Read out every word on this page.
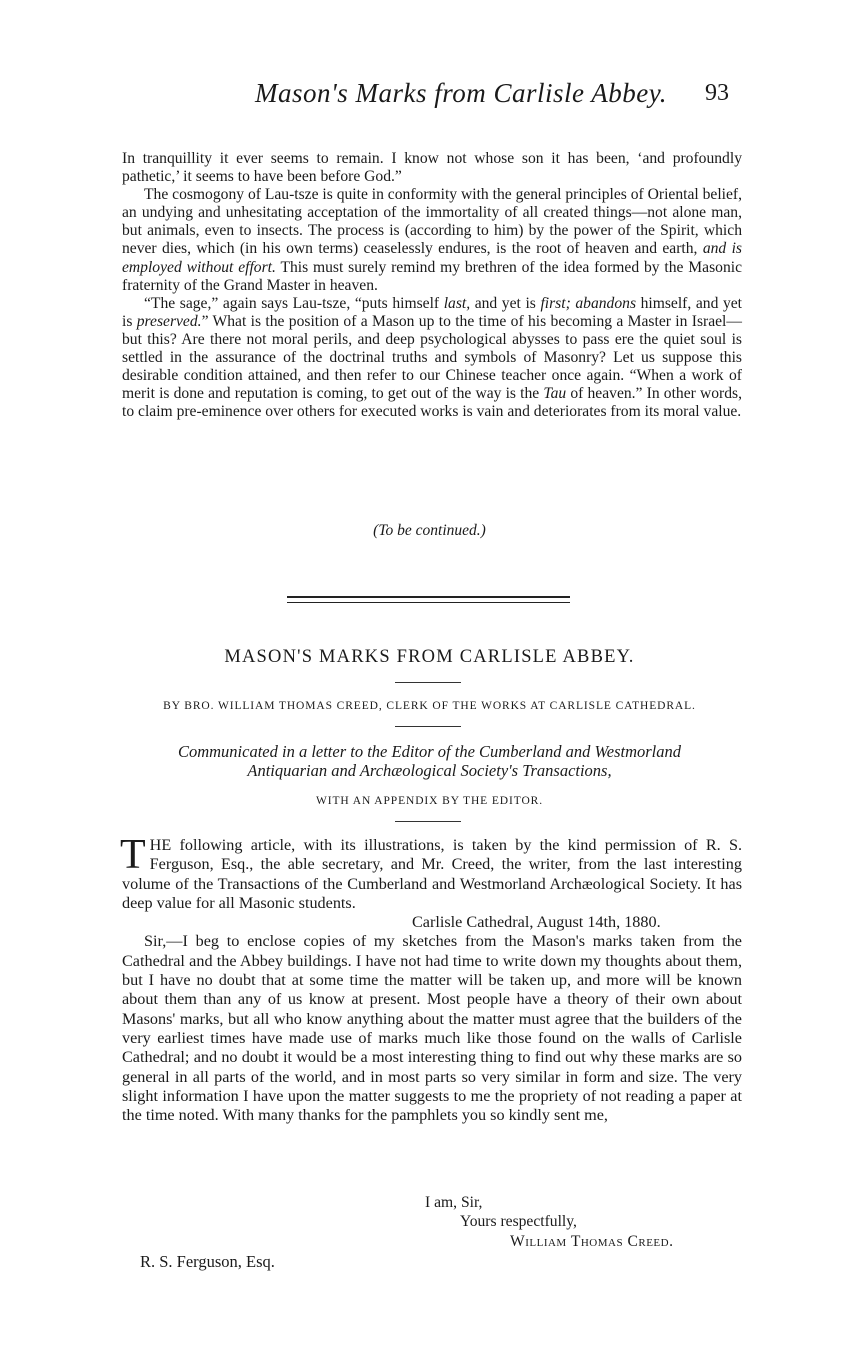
Mason's Marks from Carlisle Abbey. 93

In tranquillity it ever seems to remain. I know not whose son it has been, ‘and profoundly pathetic,’ it seems to have been before God.”

The cosmogony of Lau-tsze is quite in conformity with the general principles of Oriental belief, an undying and unhesitating acceptation of the immortality of all created things—not alone man, but animals, even to insects. The process is (according to him) by the power of the Spirit, which never dies, which (in his own terms) ceaselessly endures, is the root of heaven and earth, and is employed without effort. This must surely remind my brethren of the idea formed by the Masonic fraternity of the Grand Master in heaven.

“The sage,” again says Lau-tsze, “puts himself last, and yet is first; abandons himself, and yet is preserved.” What is the position of a Mason up to the time of his becoming a Master in Israel—but this? Are there not moral perils, and deep psychological abysses to pass ere the quiet soul is settled in the assurance of the doctrinal truths and symbols of Masonry? Let us suppose this desirable condition attained, and then refer to our Chinese teacher once again. “When a work of merit is done and reputation is coming, to get out of the way is the Tau of heaven.” In other words, to claim pre-eminence over others for executed works is vain and deteriorates from its moral value.

(To be continued.)
MASON'S MARKS FROM CARLISLE ABBEY.
BY BRO. WILLIAM THOMAS CREED, CLERK OF THE WORKS AT CARLISLE CATHEDRAL.
Communicated in a letter to the Editor of the Cumberland and Westmorland
Antiquarian and Archæological Society's Transactions,
WITH AN APPENDIX BY THE EDITOR.

THE following article, with its illustrations, is taken by the kind permission of R. S. Ferguson, Esq., the able secretary, and Mr. Creed, the writer, from the last interesting volume of the Transactions of the Cumberland and Westmorland Archæological Society. It has deep value for all Masonic students.

Carlisle Cathedral, August 14th, 1880.

Sir,—I beg to enclose copies of my sketches from the Mason's marks taken from the Cathedral and the Abbey buildings. I have not had time to write down my thoughts about them, but I have no doubt that at some time the matter will be taken up, and more will be known about them than any of us know at present. Most people have a theory of their own about Masons' marks, but all who know anything about the matter must agree that the builders of the very earliest times have made use of marks much like those found on the walls of Carlisle Cathedral; and no doubt it would be a most interesting thing to find out why these marks are so general in all parts of the world, and in most parts so very similar in form and size. The very slight information I have upon the matter suggests to me the propriety of not reading a paper at the time noted. With many thanks for the pamphlets you so kindly sent me,

I am, Sir,
Yours respectfully,
William Thomas Creed.
R. S. Ferguson, Esq.
